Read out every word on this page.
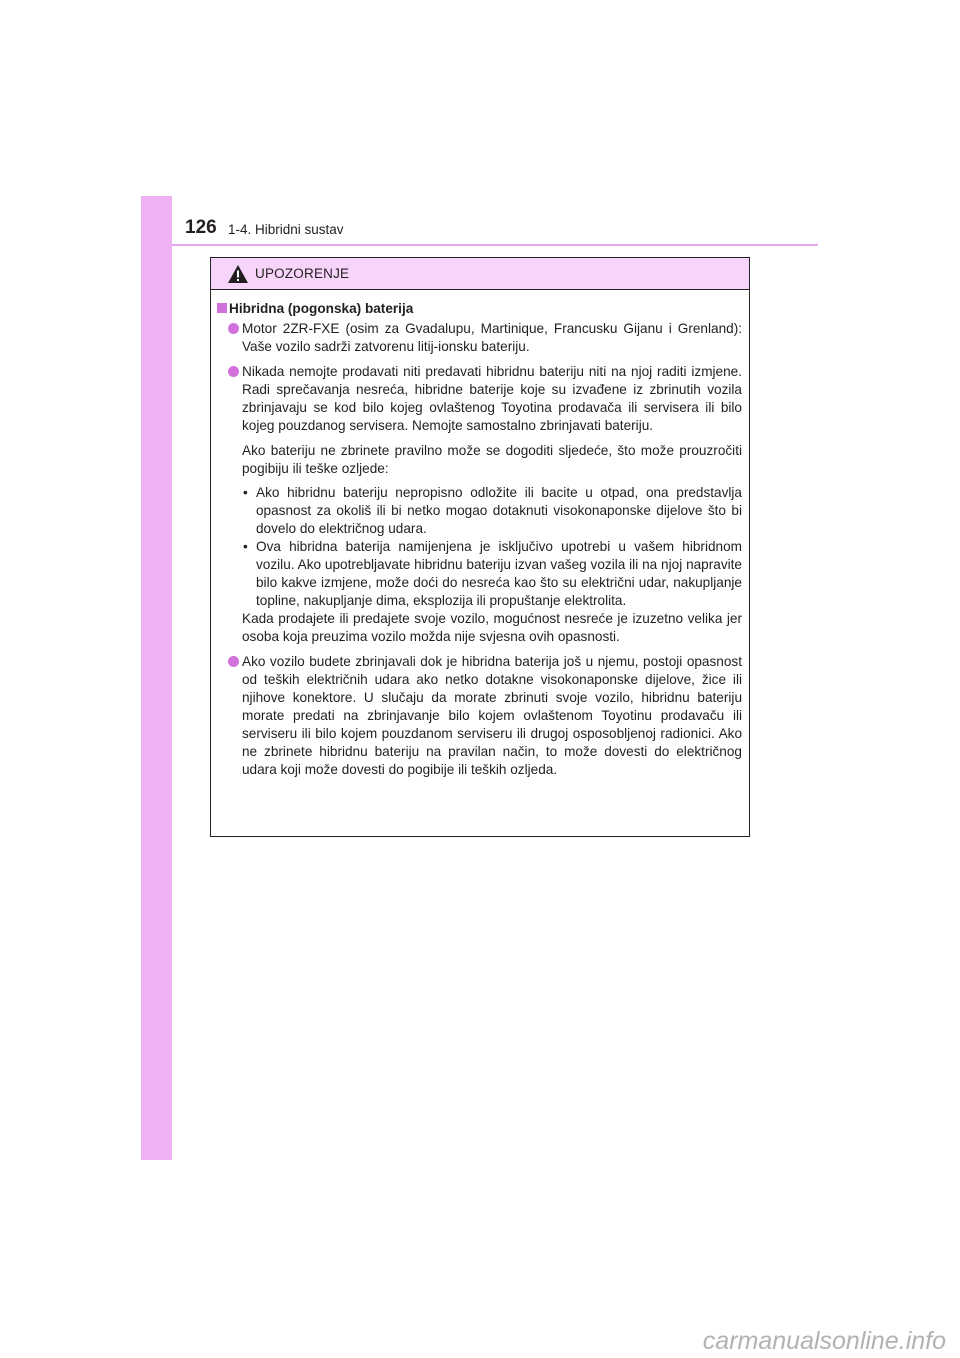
126 1-4. Hibridni sustav
UPOZORENJE
Hibridna (pogonska) baterija
Motor 2ZR-FXE (osim za Gvadalupu, Martinique, Francusku Gijanu i Grenland): Vaše vozilo sadrži zatvorenu litij-ionsku bateriju.
Nikada nemojte prodavati niti predavati hibridnu bateriju niti na njoj raditi izmjene. Radi sprečavanja nesreća, hibridne baterije koje su izvađene iz zbrinutih vozila zbrinjavaju se kod bilo kojeg ovlaštenog Toyotina prodavača ili servisera ili bilo kojeg pouzdanog servisera. Nemojte samostalno zbrinjavati bateriju.
Ako bateriju ne zbrinete pravilno može se dogoditi sljedeće, što može prouzročiti pogibiju ili teške ozljede:
• Ako hibridnu bateriju nepropisno odložite ili bacite u otpad, ona predstavlja opasnost za okoliš ili bi netko mogao dotaknuti visokonaponske dijelove što bi dovelo do električnog udara.
• Ova hibridna baterija namijenjena je isključivo upotrebi u vašem hibridnom vozilu. Ako upotrebljavate hibridnu bateriju izvan vašeg vozila ili na njoj napravite bilo kakve izmjene, može doći do nesreća kao što su električni udar, nakupljanje topline, nakupljanje dima, eksplozija ili propuštanje elektrolita.
Kada prodajete ili predajete svoje vozilo, mogućnost nesreće je izuzetno velika jer osoba koja preuzima vozilo možda nije svjesna ovih opasnosti.
Ako vozilo budete zbrinjavali dok je hibridna baterija još u njemu, postoji opasnost od teških električnih udara ako netko dotakne visokonaponske dijelove, žice ili njihove konektore. U slučaju da morate zbrinuti svoje vozilo, hibridnu bateriju morate predati na zbrinjavanje bilo kojem ovlaštenom Toyotinu prodavaču ili serviseru ili bilo kojem pouzdanom serviseru ili drugoj osposobljenoj radionici. Ako ne zbrinete hibridnu bateriju na pravilan način, to može dovesti do električnog udara koji može dovesti do pogibije ili teških ozljeda.
carmanualsonline.info
